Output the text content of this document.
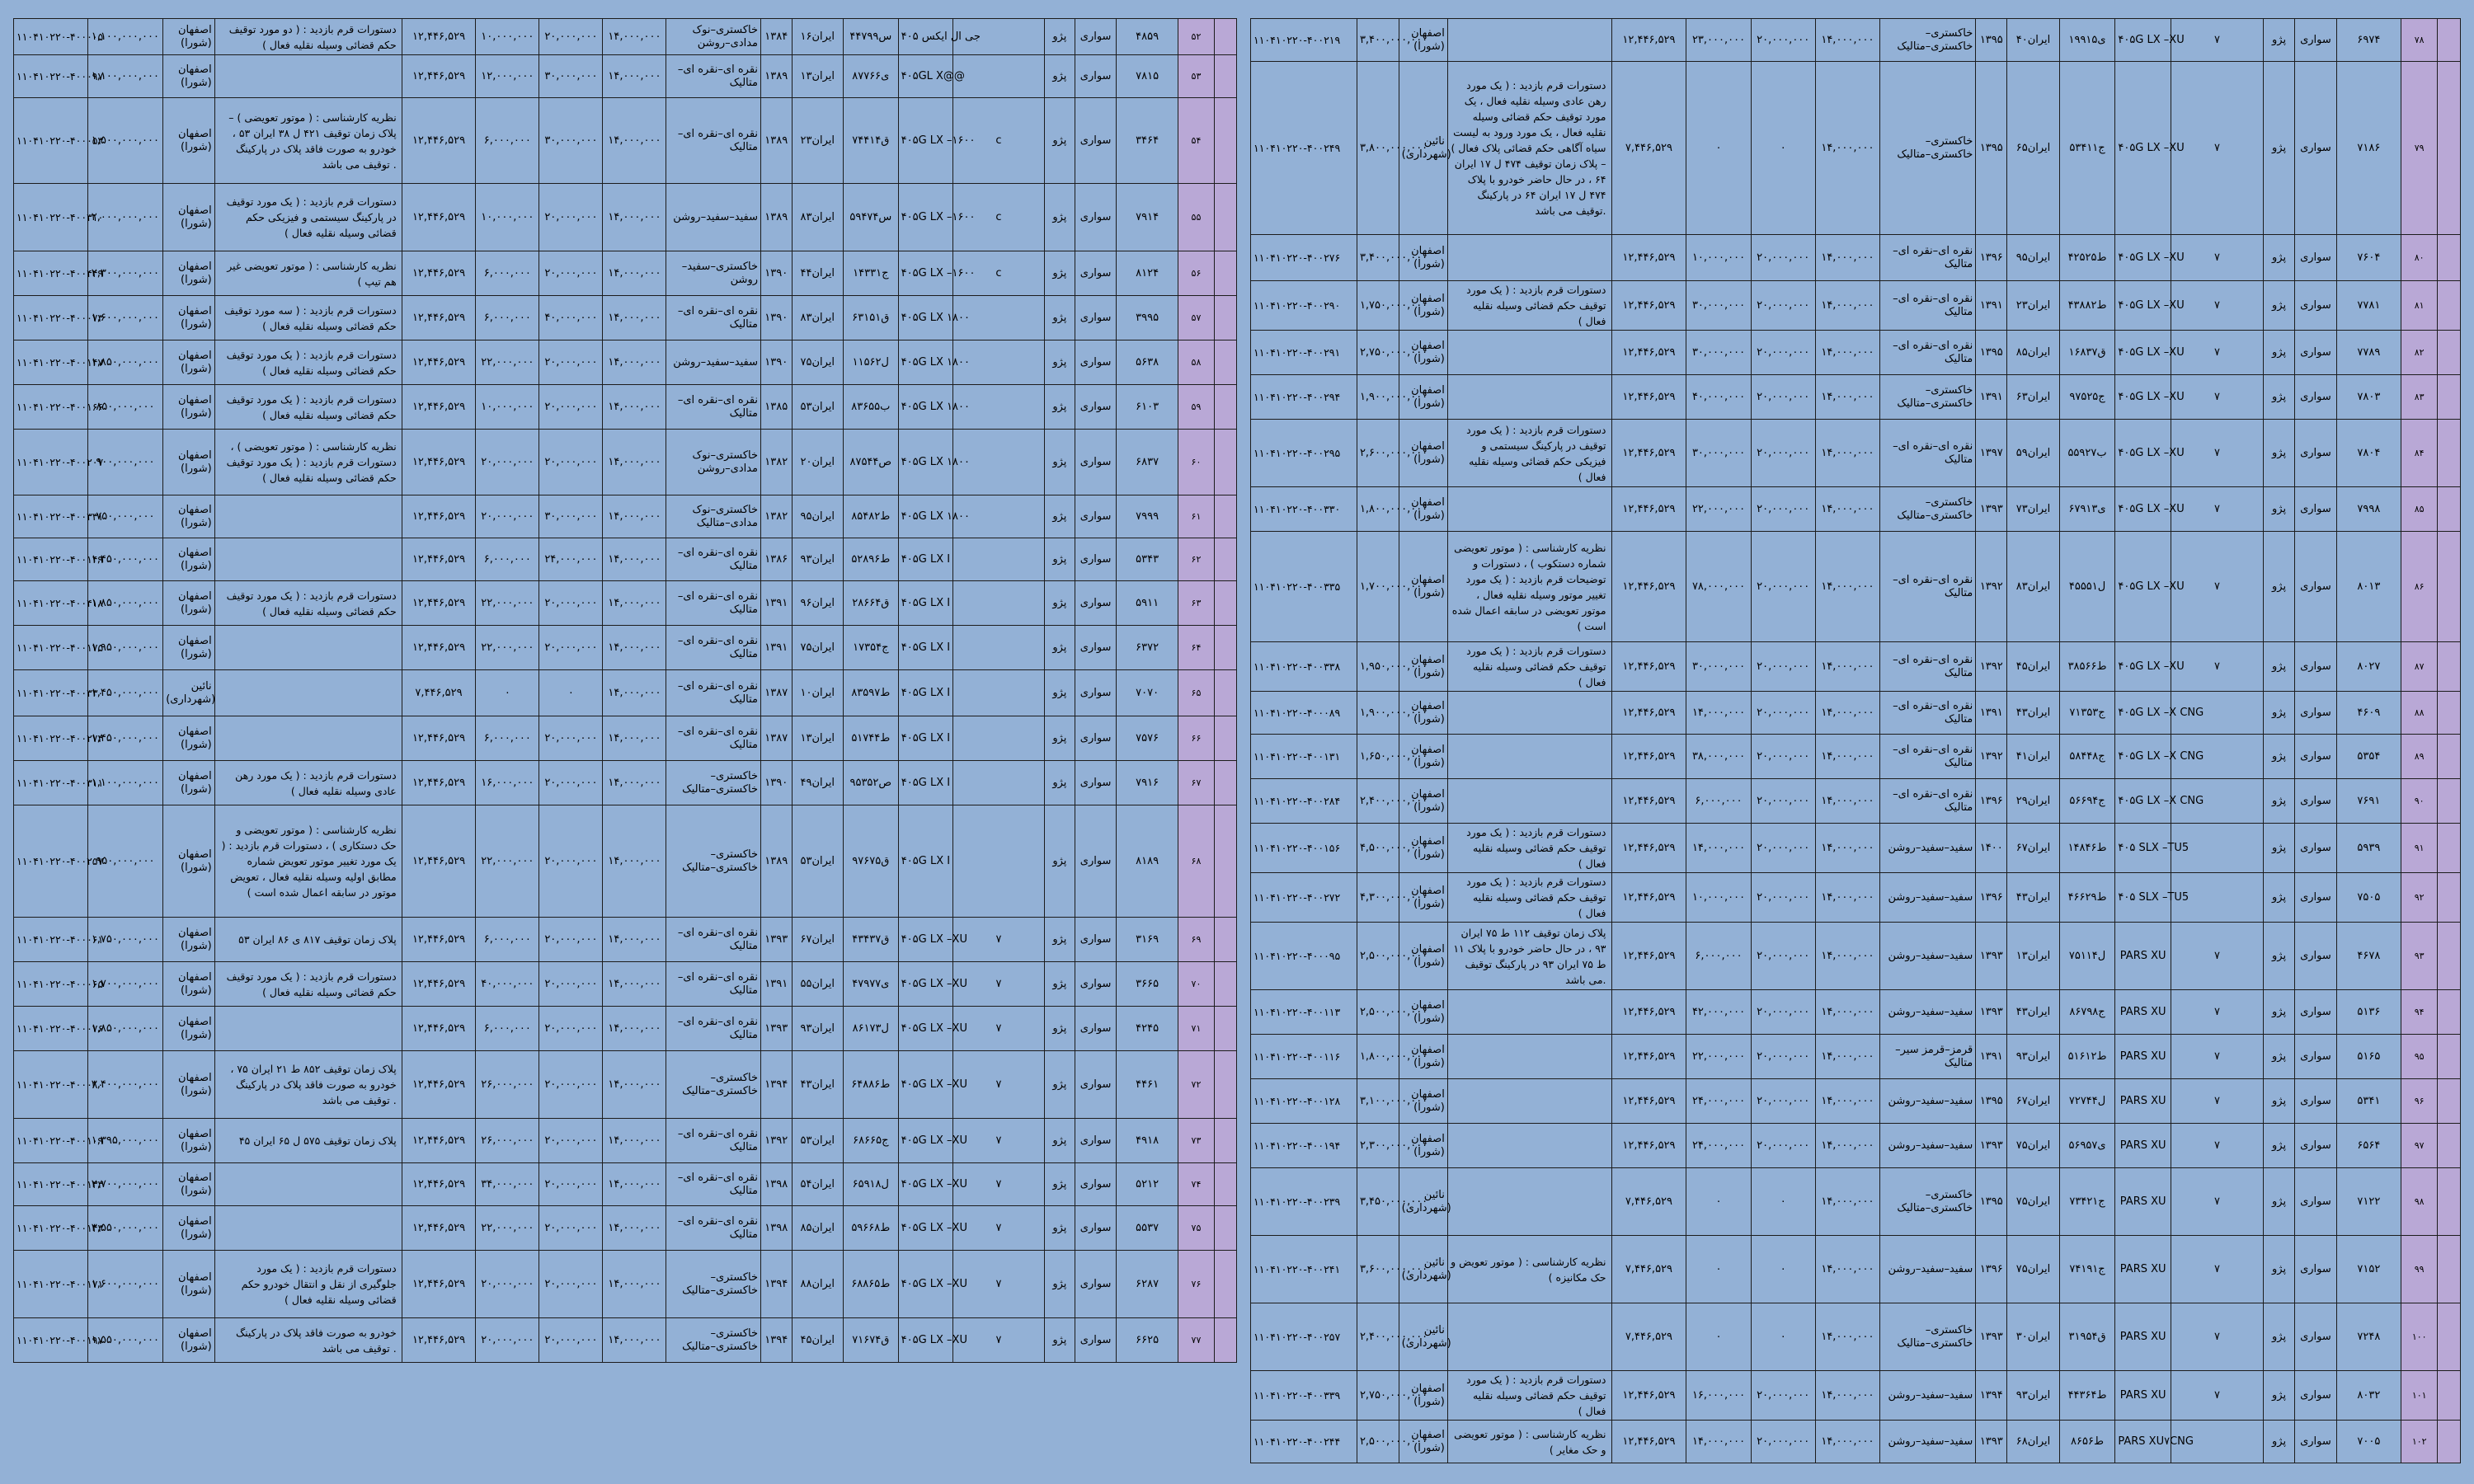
۱۱۰۴۱۰۲۲۰-۴۰۰۰۰۵	۱,۱۰۰,۰۰۰,۰۰۰	اصفهان (شورا)	دستورات قرم بازدید : ( دو مورد توقیف حکم قضائی وسیله نقلیه فعال )	۱۲,۴۴۶,۵۲۹	۱۰,۰۰۰,۰۰۰	۲۰,۰۰۰,۰۰۰	۱۴,۰۰۰,۰۰۰	خاکستری–نوک مدادی–روشن	۱۳۸۴	ایران۱۶	۴۴۷س۹۹	۴۰۵ جی ال ایکس		پژو	سواری	۴۸۵۹	۵۲	
۱۱۰۴۱۰۲۲۰-۴۰۰۰۹۷	۱,۱۰۰,۰۰۰,۰۰۰	اصفهان (شورا)		۱۲,۴۴۶,۵۲۹	۱۲,۰۰۰,۰۰۰	۳۰,۰۰۰,۰۰۰	۱۴,۰۰۰,۰۰۰	نقره ای–نقره ای–متالیک	۱۳۸۹	ایران۱۳	۸۷ی۷۶۶	۴۰۵GL X@@		پژو	سواری	۷۸۱۵	۵۳	
۱۱۰۴۱۰۲۲۰-۴۰۰۰۵۳	۱,۵۰۰,۰۰۰,۰۰۰	اصفهان (شورا)	نظریه کارشناسی : ( موتور تعویضی ) – پلاک زمان توقیف ۴۲۱ ل ۳۸ ایران ۵۳ ، خودرو به صورت فاقد پلاک در پارکینگ توقیف می باشد .	۱۲,۴۴۶,۵۲۹	۶,۰۰۰,۰۰۰	۳۰,۰۰۰,۰۰۰	۱۴,۰۰۰,۰۰۰	نقره ای–نقره ای–متالیک	۱۳۸۹	ایران۲۳	۷۴ق۴۱۴	۴۰۵G LX –۱۶۰۰	c	پژو	سواری	۳۴۶۴	۵۴	
۱۱۰۴۱۰۲۲۰-۴۰۰۳۱۰	۲,۰۰۰,۰۰۰,۰۰۰	اصفهان (شورا)	دستورات قرم بازدید : ( یک مورد توقیف در پارکینگ سیستمی و فیزیکی حکم قضائی وسیله نقلیه فعال )	۱۲,۴۴۶,۵۲۹	۱۰,۰۰۰,۰۰۰	۲۰,۰۰۰,۰۰۰	۱۴,۰۰۰,۰۰۰	سفید–سفید–روشن	۱۳۸۹	ایران۸۳	۵۹س۴۷۴	۴۰۵G LX –۱۶۰۰	c	پژو	سواری	۷۹۱۴	۵۵	
۱۱۰۴۱۰۲۲۰-۴۰۰۴۴۹	۲,۳۰۰,۰۰۰,۰۰۰	اصفهان (شورا)	نظریه کارشناسی : ( موتور تعویضی غیر هم تیپ )	۱۲,۴۴۶,۵۲۹	۶,۰۰۰,۰۰۰	۲۰,۰۰۰,۰۰۰	۱۴,۰۰۰,۰۰۰	خاکستری–سفید–روشن	۱۳۹۰	ایران۴۴	۱۴ج۳۳۱	۴۰۵G LX –۱۶۰۰	c	پژو	سواری	۸۱۲۴	۵۶	
۱۱۰۴۱۰۲۲۰-۴۰۰۰۷۳	۱,۶۰۰,۰۰۰,۰۰۰	اصفهان (شورا)	دستورات قرم بازدید : ( سه مورد توقیف حکم قضائی وسیله نقلیه فعال )	۱۲,۴۴۶,۵۲۹	۶,۰۰۰,۰۰۰	۴۰,۰۰۰,۰۰۰	۱۴,۰۰۰,۰۰۰	نقره ای–نقره ای–متالیک	۱۳۹۰	ایران۸۳	۶۳ق۱۵۱	۴۰۵G LX ۱۸۰۰		پژو	سواری	۳۹۹۵	۵۷	
۱۱۰۴۱۰۲۲۰-۴۰۰۱۴۷	۱,۸۵۰,۰۰۰,۰۰۰	اصفهان (شورا)	دستورات قرم بازدید : ( یک مورد توقیف حکم قضائی وسیله نقلیه فعال )	۱۲,۴۴۶,۵۲۹	۲۲,۰۰۰,۰۰۰	۲۰,۰۰۰,۰۰۰	۱۴,۰۰۰,۰۰۰	سفید–سفید–روشن	۱۳۹۰	ایران۷۵	۱۱ل۵۶۲	۴۰۵G LX ۱۸۰۰		پژو	سواری	۵۶۳۸	۵۸	
۱۱۰۴۱۰۲۲۰-۴۰۰۱۶۶	۸۵۰,۰۰۰,۰۰۰	اصفهان (شورا)	دستورات قرم بازدید : ( یک مورد توقیف حکم قضائی وسیله نقلیه فعال )	۱۲,۴۴۶,۵۲۹	۱۰,۰۰۰,۰۰۰	۲۰,۰۰۰,۰۰۰	۱۴,۰۰۰,۰۰۰	نقره ای–نقره ای–متالیک	۱۳۸۵	ایران۵۳	۸۳ب۶۵۵	۴۰۵G LX ۱۸۰۰		پژو	سواری	۶۱۰۳	۵۹	
۱۱۰۴۱۰۲۲۰-۴۰۰۲۰۷	۹۰۰,۰۰۰,۰۰۰	اصفهان (شورا)	نظریه کارشناسی : ( موتور تعویضی ) ، دستورات قرم بازدید : ( یک مورد توقیف حکم قضائی وسیله نقلیه فعال )	۱۲,۴۴۶,۵۲۹	۲۰,۰۰۰,۰۰۰	۲۰,۰۰۰,۰۰۰	۱۴,۰۰۰,۰۰۰	خاکستری–نوک مدادی–روشن	۱۳۸۲	ایران۲۰	۸۷ص۵۴۴	۴۰۵G LX ۱۸۰۰		پژو	سواری	۶۸۳۷	۶۰	
۱۱۰۴۱۰۲۲۰-۴۰۰۳۳۱	۷۵۰,۰۰۰,۰۰۰	اصفهان (شورا)		۱۲,۴۴۶,۵۲۹	۲۰,۰۰۰,۰۰۰	۳۰,۰۰۰,۰۰۰	۱۴,۰۰۰,۰۰۰	خاکستری–نوک مدادی–متالیک	۱۳۸۲	ایران۹۵	۸۵ط۴۸۲	۴۰۵G LX ۱۸۰۰		پژو	سواری	۷۹۹۹	۶۱	
۱۱۰۴۱۰۲۲۰-۴۰۰۱۴۹	۱,۴۵۰,۰۰۰,۰۰۰	اصفهان (شورا)		۱۲,۴۴۶,۵۲۹	۶,۰۰۰,۰۰۰	۲۴,۰۰۰,۰۰۰	۱۴,۰۰۰,۰۰۰	نقره ای–نقره ای–متالیک	۱۳۸۶	ایران۹۳	۵۲ط۸۹۶	۴۰۵G LX I		پژو	سواری	۵۳۴۳	۶۲	
۱۱۰۴۱۰۲۲۰-۴۰۰۴۱۸	۱,۸۵۰,۰۰۰,۰۰۰	اصفهان (شورا)	دستورات قرم بازدید : ( یک مورد توقیف حکم قضائی وسیله نقلیه فعال )	۱۲,۴۴۶,۵۲۹	۲۲,۰۰۰,۰۰۰	۲۰,۰۰۰,۰۰۰	۱۴,۰۰۰,۰۰۰	نقره ای–نقره ای–متالیک	۱۳۹۱	ایران۹۶	۲۸ق۶۶۴	۴۰۵G LX I		پژو	سواری	۵۹۱۱	۶۳	
۱۱۰۴۱۰۲۲۰-۴۰۰۱۷۵	۱,۹۵۰,۰۰۰,۰۰۰	اصفهان (شورا)		۱۲,۴۴۶,۵۲۹	۲۲,۰۰۰,۰۰۰	۲۰,۰۰۰,۰۰۰	۱۴,۰۰۰,۰۰۰	نقره ای–نقره ای–متالیک	۱۳۹۱	ایران۷۵	۱۷ج۳۵۴	۴۰۵G LX I		پژو	سواری	۶۳۷۲	۶۴	
۱۱۰۴۱۰۲۲۰-۴۰۰۳۳۰	۱,۴۵۰,۰۰۰,۰۰۰	نائین (شهرداری)		۷,۴۴۶,۵۲۹	۰	۰	۱۴,۰۰۰,۰۰۰	نقره ای–نقره ای–متالیک	۱۳۸۷	ایران۱۰	۸۳ط۵۹۷	۴۰۵G LX I		پژو	سواری	۷۰۷۰	۶۵	
۱۱۰۴۱۰۲۲۰-۴۰۰۲۷۴	۱,۴۵۰,۰۰۰,۰۰۰	اصفهان (شورا)		۱۲,۴۴۶,۵۲۹	۶,۰۰۰,۰۰۰	۲۰,۰۰۰,۰۰۰	۱۴,۰۰۰,۰۰۰	نقره ای–نقره ای–متالیک	۱۳۸۷	ایران۱۳	۵۱ط۷۴۴	۴۰۵G LX I		پژو	سواری	۷۵۷۶	۶۶	
۱۱۰۴۱۰۲۲۰-۴۰۰۳۱۱	۱,۱۰۰,۰۰۰,۰۰۰	اصفهان (شورا)	دستورات قرم بازدید : ( یک مورد رهن عادی وسیله نقلیه فعال )	۱۲,۴۴۶,۵۲۹	۱۶,۰۰۰,۰۰۰	۲۰,۰۰۰,۰۰۰	۱۴,۰۰۰,۰۰۰	خاکستری–خاکستری–متالیک	۱۳۹۰	ایران۴۹	۹۵ص۳۵۲	۴۰۵G LX I		پژو	سواری	۷۹۱۶	۶۷	
۱۱۰۴۱۰۲۲۰-۴۰۰۲۵۷	۹۵۰,۰۰۰,۰۰۰	اصفهان (شورا)	نظریه کارشناسی : ( موتور تعویضی و حک دستکاری ) ، دستورات قرم بازدید : ( یک مورد تغییر موتور تعویض شماره مطابق اولیه وسیله نقلیه فعال ، تعویض موتور در سابقه اعمال شده است )	۱۲,۴۴۶,۵۲۹	۲۲,۰۰۰,۰۰۰	۲۰,۰۰۰,۰۰۰	۱۴,۰۰۰,۰۰۰	خاکستری–خاکستری–متالیک	۱۳۸۹	ایران۵۳	۹۷ق۶۷۵	۴۰۵G LX I		پژو	سواری	۸۱۸۹	۶۸	
۱۱۰۴۱۰۲۲۰-۴۰۰۰۶۱	۱,۷۵۰,۰۰۰,۰۰۰	اصفهان (شورا)	پلاک زمان توقیف ۸۱۷ ی ۸۶ ایران ۵۳	۱۲,۴۴۶,۵۲۹	۶,۰۰۰,۰۰۰	۲۰,۰۰۰,۰۰۰	۱۴,۰۰۰,۰۰۰	نقره ای–نقره ای–متالیک	۱۳۹۳	ایران۶۷	۴۳ق۴۳۷	۴۰۵G LX –XU	۷	پژو	سواری	۳۱۶۹	۶۹	
۱۱۰۴۱۰۲۲۰-۴۰۰۰۶۵	۱,۷۰۰,۰۰۰,۰۰۰	اصفهان (شورا)	دستورات قرم بازدید : ( یک مورد توقیف حکم قضائی وسیله نقلیه فعال )	۱۲,۴۴۶,۵۲۹	۴۰,۰۰۰,۰۰۰	۲۰,۰۰۰,۰۰۰	۱۴,۰۰۰,۰۰۰	نقره ای–نقره ای–متالیک	۱۳۹۱	ایران۵۵	۴۷ی۹۷۷	۴۰۵G LX –XU	۷	پژو	سواری	۳۶۶۵	۷۰	
۱۱۰۴۱۰۲۲۰-۴۰۰۰۷۶	۱,۸۵۰,۰۰۰,۰۰۰	اصفهان (شورا)		۱۲,۴۴۶,۵۲۹	۶,۰۰۰,۰۰۰	۲۰,۰۰۰,۰۰۰	۱۴,۰۰۰,۰۰۰	نقره ای–نقره ای–متالیک	۱۳۹۳	ایران۹۳	۸۶ل۱۷۳	۴۰۵G LX –XU	۷	پژو	سواری	۴۲۴۵	۷۱	
۱۱۰۴۱۰۲۲۰-۴۰۰۰۸۰	۳,۴۰۰,۰۰۰,۰۰۰	اصفهان (شورا)	پلاک زمان توقیف ۸۵۲ ط ۲۱ ایران ۷۵ ، خودرو به صورت فاقد پلاک در پارکینگ توقیف می باشد .	۱۲,۴۴۶,۵۲۹	۲۶,۰۰۰,۰۰۰	۲۰,۰۰۰,۰۰۰	۱۴,۰۰۰,۰۰۰	خاکستری–خاکستری–متالیک	۱۳۹۴	ایران۴۳	۶۴ط۸۸۶	۴۰۵G LX –XU	۷	پژو	سواری	۴۴۶۱	۷۲	
۱۱۰۴۱۰۲۲۰-۴۰۰۱۰۹	۱,۳۹۵,۰۰۰,۰۰۰	اصفهان (شورا)	پلاک زمان توقیف ۵۷۵ ل ۶۵ ایران ۴۵	۱۲,۴۴۶,۵۲۹	۲۶,۰۰۰,۰۰۰	۲۰,۰۰۰,۰۰۰	۱۴,۰۰۰,۰۰۰	نقره ای–نقره ای–متالیک	۱۳۹۲	ایران۵۳	۶۸ج۶۶۵	۴۰۵G LX –XU	۷	پژو	سواری	۴۹۱۸	۷۳	
۱۱۰۴۱۰۲۲۰-۴۰۰۱۳۳	۲,۷۰۰,۰۰۰,۰۰۰	اصفهان (شورا)		۱۲,۴۴۶,۵۲۹	۳۴,۰۰۰,۰۰۰	۲۰,۰۰۰,۰۰۰	۱۴,۰۰۰,۰۰۰	نقره ای–نقره ای–متالیک	۱۳۹۸	ایران۵۴	۶۵ل۹۱۸	۴۰۵G LX –XU	۷	پژو	سواری	۵۲۱۲	۷۴	
۱۱۰۴۱۰۲۲۰-۴۰۰۱۴۳	۳,۵۵۰,۰۰۰,۰۰۰	اصفهان (شورا)		۱۲,۴۴۶,۵۲۹	۲۲,۰۰۰,۰۰۰	۲۰,۰۰۰,۰۰۰	۱۴,۰۰۰,۰۰۰	نقره ای–نقره ای–متالیک	۱۳۹۸	ایران۸۵	۵۹ط۶۶۸	۴۰۵G LX –XU	۷	پژو	سواری	۵۵۳۷	۷۵	
۱۱۰۴۱۰۲۲۰-۴۰۰۱۷۱	۱,۶۰۰,۰۰۰,۰۰۰	اصفهان (شورا)	دستورات قرم بازدید : ( یک مورد جلوگیری از نقل و انتقال خودرو حکم قضائی وسیله نقلیه فعال )	۱۲,۴۴۶,۵۲۹	۲۰,۰۰۰,۰۰۰	۲۰,۰۰۰,۰۰۰	۱۴,۰۰۰,۰۰۰	خاکستری–خاکستری–متالیک	۱۳۹۴	ایران۸۸	۶۸ط۸۶۵	۴۰۵G LX –XU	۷	پژو	سواری	۶۲۸۷	۷۶	
۱۱۰۴۱۰۲۲۰-۴۰۰۱۹۷	۱,۵۵۰,۰۰۰,۰۰۰	اصفهان (شورا)	خودرو به صورت فاقد پلاک در پارکینگ توقیف می باشد .	۱۲,۴۴۶,۵۲۹	۲۰,۰۰۰,۰۰۰	۲۰,۰۰۰,۰۰۰	۱۴,۰۰۰,۰۰۰	خاکستری–خاکستری–متالیک	۱۳۹۴	ایران۴۵	۷۱ق۶۷۴	۴۰۵G LX –XU	۷	پژو	سواری	۶۶۲۵	۷۷	
۱۱۰۴۱۰۲۲۰-۴۰۰۲۱۹	۳,۴۰۰,۰۰۰,۰۰۰	اصفهان (شورا)		۱۲,۴۴۶,۵۲۹	۲۳,۰۰۰,۰۰۰	۲۰,۰۰۰,۰۰۰	۱۴,۰۰۰,۰۰۰	خاکستری–خاکستری–متالیک	۱۳۹۵	ایران۴۰	۱۹ی۹۱۵	۴۰۵G LX –XU	۷	پژو	سواری	۶۹۷۴	۷۸	
۱۱۰۴۱۰۲۲۰-۴۰۰۲۴۹	۳,۸۰۰,۰۰۰,۰۰۰	نائین (شهرداری)	دستورات قرم بازدید : ( یک مورد رهن عادی وسیله نقلیه فعال ، یک مورد توقیف حکم قضائی وسیله نقلیه فعال ، یک مورد ورود به لیست سیاه آگاهی حکم قضائی پلاک فعال ) – پلاک زمان توقیف ۴۷۴ ل ۱۷ ایران ۶۴ ، در حال حاضر خودرو با پلاک ۴۷۴ ل ۱۷ ایران ۶۴ در پارکینگ توقیف می باشد.	۷,۴۴۶,۵۲۹	۰	۰	۱۴,۰۰۰,۰۰۰	خاکستری–خاکستری–متالیک	۱۳۹۵	ایران۶۵	۵۳ج۴۱۱	۴۰۵G LX –XU	۷	پژو	سواری	۷۱۸۶	۷۹	
۱۱۰۴۱۰۲۲۰-۴۰۰۲۷۶	۳,۴۰۰,۰۰۰,۰۰۰	اصفهان (شورا)		۱۲,۴۴۶,۵۲۹	۱۰,۰۰۰,۰۰۰	۲۰,۰۰۰,۰۰۰	۱۴,۰۰۰,۰۰۰	نقره ای–نقره ای–متالیک	۱۳۹۶	ایران۹۵	۴۲ط۵۲۵	۴۰۵G LX –XU	۷	پژو	سواری	۷۶۰۴	۸۰	
۱۱۰۴۱۰۲۲۰-۴۰۰۲۹۰	۱,۷۵۰,۰۰۰,۰۰۰	اصفهان (شورا)	دستورات قرم بازدید : ( یک مورد توقیف حکم قضائی وسیله نقلیه فعال )	۱۲,۴۴۶,۵۲۹	۳۰,۰۰۰,۰۰۰	۲۰,۰۰۰,۰۰۰	۱۴,۰۰۰,۰۰۰	نقره ای–نقره ای–متالیک	۱۳۹۱	ایران۲۳	۴۳ط۸۸۲	۴۰۵G LX –XU	۷	پژو	سواری	۷۷۸۱	۸۱	
۱۱۰۴۱۰۲۲۰-۴۰۰۲۹۱	۲,۷۵۰,۰۰۰,۰۰۰	اصفهان (شورا)		۱۲,۴۴۶,۵۲۹	۳۰,۰۰۰,۰۰۰	۲۰,۰۰۰,۰۰۰	۱۴,۰۰۰,۰۰۰	نقره ای–نقره ای–متالیک	۱۳۹۵	ایران۸۵	۱۶ق۸۳۷	۴۰۵G LX –XU	۷	پژو	سواری	۷۷۸۹	۸۲	
۱۱۰۴۱۰۲۲۰-۴۰۰۲۹۴	۱,۹۰۰,۰۰۰,۰۰۰	اصفهان (شورا)		۱۲,۴۴۶,۵۲۹	۴۰,۰۰۰,۰۰۰	۲۰,۰۰۰,۰۰۰	۱۴,۰۰۰,۰۰۰	خاکستری–خاکستری–متالیک	۱۳۹۱	ایران۶۳	۹۷ج۵۲۵	۴۰۵G LX –XU	۷	پژو	سواری	۷۸۰۳	۸۳	
۱۱۰۴۱۰۲۲۰-۴۰۰۲۹۵	۲,۶۰۰,۰۰۰,۰۰۰	اصفهان (شورا)	دستورات قرم بازدید : ( یک مورد توقیف در پارکینگ سیستمی و فیزیکی حکم قضائی وسیله نقلیه فعال )	۱۲,۴۴۶,۵۲۹	۳۰,۰۰۰,۰۰۰	۲۰,۰۰۰,۰۰۰	۱۴,۰۰۰,۰۰۰	نقره ای–نقره ای–متالیک	۱۳۹۷	ایران۵۹	۵۵ب۹۲۷	۴۰۵G LX –XU	۷	پژو	سواری	۷۸۰۴	۸۴	
۱۱۰۴۱۰۲۲۰-۴۰۰۳۳۰	۱,۸۰۰,۰۰۰,۰۰۰	اصفهان (شورا)		۱۲,۴۴۶,۵۲۹	۲۲,۰۰۰,۰۰۰	۲۰,۰۰۰,۰۰۰	۱۴,۰۰۰,۰۰۰	خاکستری–خاکستری–متالیک	۱۳۹۳	ایران۷۳	۶۷ی۹۱۳	۴۰۵G LX –XU	۷	پژو	سواری	۷۹۹۸	۸۵	
۱۱۰۴۱۰۲۲۰-۴۰۰۳۳۵	۱,۷۰۰,۰۰۰,۰۰۰	اصفهان (شورا)	نظریه کارشناسی : ( موتور تعویضی شماره دستکوب ) ، دستورات و توضیحات قرم بازدید : ( یک مورد تغییر موتور وسیله نقلیه فعال ، موتور تعویضی در سابقه اعمال شده است )	۱۲,۴۴۶,۵۲۹	۷۸,۰۰۰,۰۰۰	۲۰,۰۰۰,۰۰۰	۱۴,۰۰۰,۰۰۰	نقره ای–نقره ای–متالیک	۱۳۹۲	ایران۸۳	۴۵ل۵۵۱	۴۰۵G LX –XU	۷	پژو	سواری	۸۰۱۳	۸۶	
۱۱۰۴۱۰۲۲۰-۴۰۰۳۳۸	۱,۹۵۰,۰۰۰,۰۰۰	اصفهان (شورا)	دستورات قرم بازدید : ( یک مورد توقیف حکم قضائی وسیله نقلیه فعال )	۱۲,۴۴۶,۵۲۹	۳۰,۰۰۰,۰۰۰	۲۰,۰۰۰,۰۰۰	۱۴,۰۰۰,۰۰۰	نقره ای–نقره ای–متالیک	۱۳۹۲	ایران۴۵	۳۸ط۵۶۶	۴۰۵G LX –XU	۷	پژو	سواری	۸۰۲۷	۸۷	
۱۱۰۴۱۰۲۲۰-۴۰۰۰۸۹	۱,۹۰۰,۰۰۰,۰۰۰	اصفهان (شورا)		۱۲,۴۴۶,۵۲۹	۱۴,۰۰۰,۰۰۰	۲۰,۰۰۰,۰۰۰	۱۴,۰۰۰,۰۰۰	نقره ای–نقره ای–متالیک	۱۳۹۱	ایران۴۳	۷۱ج۳۵۳	۴۰۵G LX –X CNG		پژو	سواری	۴۶۰۹	۸۸	
۱۱۰۴۱۰۲۲۰-۴۰۰۱۳۱	۱,۶۵۰,۰۰۰,۰۰۰	اصفهان (شورا)		۱۲,۴۴۶,۵۲۹	۳۸,۰۰۰,۰۰۰	۲۰,۰۰۰,۰۰۰	۱۴,۰۰۰,۰۰۰	نقره ای–نقره ای–متالیک	۱۳۹۲	ایران۴۱	۵۸ج۴۴۸	۴۰۵G LX –X CNG		پژو	سواری	۵۳۵۴	۸۹	
۱۱۰۴۱۰۲۲۰-۴۰۰۲۸۴	۲,۴۰۰,۰۰۰,۰۰۰	اصفهان (شورا)		۱۲,۴۴۶,۵۲۹	۶,۰۰۰,۰۰۰	۲۰,۰۰۰,۰۰۰	۱۴,۰۰۰,۰۰۰	نقره ای–نقره ای–متالیک	۱۳۹۶	ایران۲۹	۵۶ج۶۹۴	۴۰۵G LX –X CNG		پژو	سواری	۷۶۹۱	۹۰	
۱۱۰۴۱۰۲۲۰-۴۰۰۱۵۶	۴,۵۰۰,۰۰۰,۰۰۰	اصفهان (شورا)	دستورات قرم بازدید : ( یک مورد توقیف حکم قضائی وسیله نقلیه فعال )	۱۲,۴۴۶,۵۲۹	۱۴,۰۰۰,۰۰۰	۲۰,۰۰۰,۰۰۰	۱۴,۰۰۰,۰۰۰	سفید–سفید–روشن	۱۴۰۰	ایران۶۷	۱۴ط۸۴۶	۴۰۵ SLX –TU5		پژو	سواری	۵۹۳۹	۹۱	
۱۱۰۴۱۰۲۲۰-۴۰۰۲۷۲	۴,۳۰۰,۰۰۰,۰۰۰	اصفهان (شورا)	دستورات قرم بازدید : ( یک مورد توقیف حکم قضائی وسیله نقلیه فعال )	۱۲,۴۴۶,۵۲۹	۱۰,۰۰۰,۰۰۰	۲۰,۰۰۰,۰۰۰	۱۴,۰۰۰,۰۰۰	سفید–سفید–روشن	۱۳۹۶	ایران۴۳	۴۶ط۶۲۹	۴۰۵ SLX –TU5		پژو	سواری	۷۵۰۵	۹۲	
۱۱۰۴۱۰۲۲۰-۴۰۰۰۹۵	۲,۵۰۰,۰۰۰,۰۰۰	اصفهان (شورا)	پلاک زمان توقیف ۱۱۲ ط ۷۵ ایران ۹۳ ، در حال حاضر خودرو با پلاک ۱۱ ط ۷۵ ایران ۹۳ در پارکینگ توقیف می باشد.	۱۲,۴۴۶,۵۲۹	۶,۰۰۰,۰۰۰	۲۰,۰۰۰,۰۰۰	۱۴,۰۰۰,۰۰۰	سفید–سفید–روشن	۱۳۹۳	ایران۱۳	۷۵ل۱۱۴	PARS XU	۷	پژو	سواری	۴۶۷۸	۹۳	
۱۱۰۴۱۰۲۲۰-۴۰۰۱۱۳	۲,۵۰۰,۰۰۰,۰۰۰	اصفهان (شورا)		۱۲,۴۴۶,۵۲۹	۴۲,۰۰۰,۰۰۰	۲۰,۰۰۰,۰۰۰	۱۴,۰۰۰,۰۰۰	سفید–سفید–روشن	۱۳۹۳	ایران۴۳	۸۶ج۷۹۸	PARS XU	۷	پژو	سواری	۵۱۳۶	۹۴	
۱۱۰۴۱۰۲۲۰-۴۰۰۱۱۶	۱,۸۰۰,۰۰۰,۰۰۰	اصفهان (شورا)		۱۲,۴۴۶,۵۲۹	۲۲,۰۰۰,۰۰۰	۲۰,۰۰۰,۰۰۰	۱۴,۰۰۰,۰۰۰	قرمز–قرمز سیر–متالیک	۱۳۹۱	ایران۹۳	۵۱ط۶۱۲	PARS XU	۷	پژو	سواری	۵۱۶۵	۹۵	
۱۱۰۴۱۰۲۲۰-۴۰۰۱۲۸	۳,۱۰۰,۰۰۰,۰۰۰	اصفهان (شورا)		۱۲,۴۴۶,۵۲۹	۲۴,۰۰۰,۰۰۰	۲۰,۰۰۰,۰۰۰	۱۴,۰۰۰,۰۰۰	سفید–سفید–روشن	۱۳۹۵	ایران۶۷	۷۲ل۷۴۴	PARS XU	۷	پژو	سواری	۵۳۴۱	۹۶	
۱۱۰۴۱۰۲۲۰-۴۰۰۱۹۴	۲,۳۰۰,۰۰۰,۰۰۰	اصفهان (شورا)		۱۲,۴۴۶,۵۲۹	۲۴,۰۰۰,۰۰۰	۲۰,۰۰۰,۰۰۰	۱۴,۰۰۰,۰۰۰	سفید–سفید–روشن	۱۳۹۳	ایران۷۵	۵۶ی۹۵۷	PARS XU	۷	پژو	سواری	۶۵۶۴	۹۷	
۱۱۰۴۱۰۲۲۰-۴۰۰۲۳۹	۳,۴۵۰,۰۰۰,۰۰۰	نائین (شهرداری)		۷,۴۴۶,۵۲۹	۰	۰	۱۴,۰۰۰,۰۰۰	خاکستری–خاکستری–متالیک	۱۳۹۵	ایران۷۵	۷۳ج۴۲۱	PARS XU	۷	پژو	سواری	۷۱۲۲	۹۸	
۱۱۰۴۱۰۲۲۰-۴۰۰۲۴۱	۳,۶۰۰,۰۰۰,۰۰۰	نائین (شهرداری)	نظریه کارشناسی : ( موتور تعویض و حک مکانیزه )	۷,۴۴۶,۵۲۹	۰	۰	۱۴,۰۰۰,۰۰۰	سفید–سفید–روشن	۱۳۹۶	ایران۷۵	۷۴ج۱۹۱	PARS XU	۷	پژو	سواری	۷۱۵۲	۹۹	
۱۱۰۴۱۰۲۲۰-۴۰۰۲۵۷	۲,۴۰۰,۰۰۰,۰۰۰	نائین (شهرداری)		۷,۴۴۶,۵۲۹	۰	۰	۱۴,۰۰۰,۰۰۰	خاکستری–خاکستری–متالیک	۱۳۹۳	ایران۳۰	۳۱ق۹۵۴	PARS XU	۷	پژو	سواری	۷۲۴۸	۱۰۰	
۱۱۰۴۱۰۲۲۰-۴۰۰۳۳۹	۲,۷۵۰,۰۰۰,۰۰۰	اصفهان (شورا)	دستورات قرم بازدید : ( یک مورد توقیف حکم قضائی وسیله نقلیه فعال )	۱۲,۴۴۶,۵۲۹	۱۶,۰۰۰,۰۰۰	۲۰,۰۰۰,۰۰۰	۱۴,۰۰۰,۰۰۰	سفید–سفید–روشن	۱۳۹۴	ایران۹۳	۴۴ط۳۶۴	PARS XU	۷	پژو	سواری	۸۰۳۲	۱۰۱	
۱۱۰۴۱۰۲۲۰-۴۰۰۲۴۴	۲,۵۰۰,۰۰۰,۰۰۰	اصفهان (شورا)	نظریه کارشناسی : ( موتور تعویضی و حک مغایر )	۱۲,۴۴۶,۵۲۹	۱۴,۰۰۰,۰۰۰	۲۰,۰۰۰,۰۰۰	۱۴,۰۰۰,۰۰۰	سفید–سفید–روشن	۱۳۹۳	ایران۶۸	۸۶ط۵۶	PARS XU۷CNG		پژو	سواری	۷۰۰۵	۱۰۲	
